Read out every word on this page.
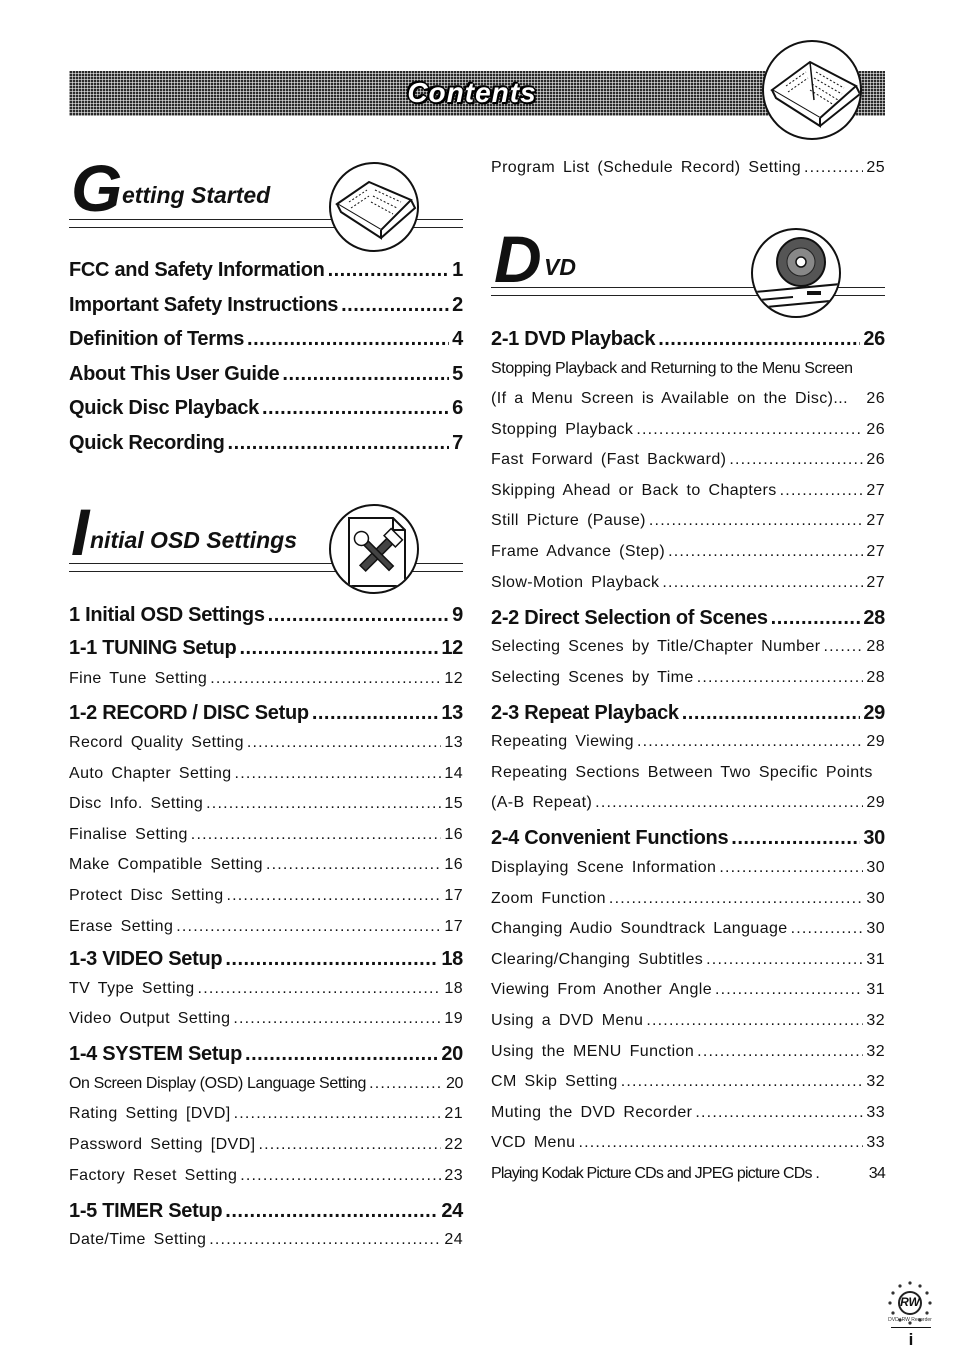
Contents
G etting Started
FCC and Safety Information .....	1
Important Safety Instructions .....	2
Definition of Terms .....	4
About This User Guide .....	5
Quick Disc Playback .....	6
Quick Recording .....	7
I nitial OSD Settings
1 Initial OSD Settings .....	9
1-1 TUNING Setup .....	12
Fine Tune Setting .....	12
1-2 RECORD / DISC Setup .....	13
Record Quality Setting .....	13
Auto Chapter Setting .....	14
Disc Info. Setting .....	15
Finalise Setting .....	16
Make Compatible Setting .....	16
Protect Disc Setting .....	17
Erase Setting .....	17
1-3 VIDEO Setup .....	18
TV Type Setting .....	18
Video Output Setting .....	19
1-4 SYSTEM Setup .....	20
On Screen Display (OSD) Language Setting .....	20
Rating Setting [DVD] .....	21
Password Setting [DVD] .....	22
Factory Reset Setting .....	23
1-5 TIMER Setup .....	24
Date/Time Setting .....	24
Program List (Schedule Record) Setting .....	25
D VD
2-1 DVD Playback .....	26
Stopping Playback and Returning to the Menu Screen
(If a Menu Screen is Available on the Disc)... 26
Stopping Playback .....	26
Fast Forward (Fast Backward) .....	26
Skipping Ahead or Back to Chapters .....	27
Still Picture (Pause) .....	27
Frame Advance (Step) .....	27
Slow-Motion Playback .....	27
2-2 Direct Selection of Scenes .....	28
Selecting Scenes by Title/Chapter Number .....	28
Selecting Scenes by Time .....	28
2-3 Repeat Playback .....	29
Repeating Viewing .....	29
Repeating Sections Between Two Specific Points
(A-B Repeat) .....	29
2-4 Convenient Functions .....	30
Displaying Scene Information .....	30
Zoom Function .....	30
Changing Audio Soundtrack Language .....	30
Clearing/Changing Subtitles .....	31
Viewing From Another Angle .....	31
Using a DVD Menu .....	32
Using the MENU Function .....	32
CM Skip Setting .....	32
Muting the DVD Recorder .....	33
VCD Menu .....	33
Playing Kodak Picture CDs and JPEG picture CDs .	34
RW
DVD+RW Recorder
i
